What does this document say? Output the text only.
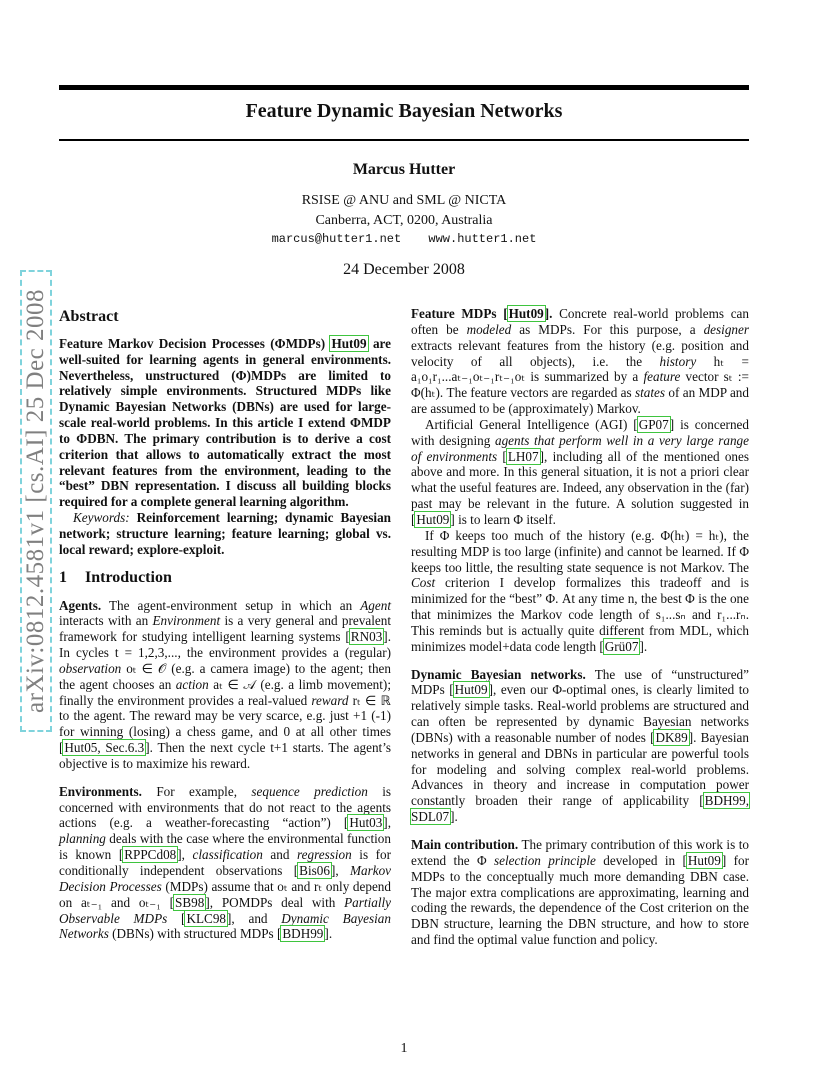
Feature Dynamic Bayesian Networks
Marcus Hutter
RSISE @ ANU and SML @ NICTA
Canberra, ACT, 0200, Australia
marcus@hutter1.net www.hutter1.net
24 December 2008
arXiv:0812.4581v1 [cs.AI] 25 Dec 2008 Abstract

Feature Markov Decision Processes (ΦMDPs) Hut09 are well-suited for learning agents in general environments. Nevertheless, unstructured (Φ)MDPs are limited to relatively simple environments. Structured MDPs like Dynamic Bayesian Networks (DBNs) are used for large-scale real-world problems. In this article I extend ΦMDP to ΦDBN. The primary contribution is to derive a cost criterion that allows to automatically extract the most relevant features from the environment, leading to the “best” DBN representation. I discuss all building blocks required for a complete general learning algorithm.

Keywords: Reinforcement learning; dynamic Bayesian network; structure learning; feature learning; global vs. local reward; explore-exploit.

1 Introduction

Agents. The agent-environment setup in which an Agent interacts with an Environment is a very general and prevalent framework for studying intelligent learning systems [RN03]. In cycles t = 1,2,3,..., the environment provides a (regular) observation oₜ ∈ 𝒪 (e.g. a camera image) to the agent; then the agent chooses an action aₜ ∈ 𝒜 (e.g. a limb movement); finally the environment provides a real-valued reward rₜ ∈ ℝ to the agent. The reward may be very scarce, e.g. just +1 (-1) for winning (losing) a chess game, and 0 at all other times [Hut05, Sec.6.3]. Then the next cycle t+1 starts. The agent’s objective is to maximize his reward.

Environments. For example, sequence prediction is concerned with environments that do not react to the agents actions (e.g. a weather-forecasting “action”) [Hut03], planning deals with the case where the environmental function is known [RPPCd08], classification and regression is for conditionally independent observations [Bis06], Markov Decision Processes (MDPs) assume that oₜ and rₜ only depend on aₜ₋₁ and oₜ₋₁ [SB98], POMDPs deal with Partially Observable MDPs [KLC98], and Dynamic Bayesian Networks (DBNs) with structured MDPs [BDH99].

Feature MDPs [Hut09]. Concrete real-world problems can often be modeled as MDPs. For this purpose, a designer extracts relevant features from the history (e.g. position and velocity of all objects), i.e. the history hₜ = a₁o₁r₁...aₜ₋₁oₜ₋₁rₜ₋₁oₜ is summarized by a feature vector sₜ := Φ(hₜ). The feature vectors are regarded as states of an MDP and are assumed to be (approximately) Markov.

Artificial General Intelligence (AGI) [GP07] is concerned with designing agents that perform well in a very large range of environments [LH07], including all of the mentioned ones above and more. In this general situation, it is not a priori clear what the useful features are. Indeed, any observation in the (far) past may be relevant in the future. A solution suggested in [Hut09] is to learn Φ itself.

If Φ keeps too much of the history (e.g. Φ(hₜ) = hₜ), the resulting MDP is too large (infinite) and cannot be learned. If Φ keeps too little, the resulting state sequence is not Markov. The Cost criterion I develop formalizes this tradeoff and is minimized for the “best” Φ. At any time n, the best Φ is the one that minimizes the Markov code length of s₁...sₙ and r₁...rₙ. This reminds but is actually quite different from MDL, which minimizes model+data code length [Grü07].

Dynamic Bayesian networks. The use of “unstructured” MDPs [Hut09], even our Φ-optimal ones, is clearly limited to relatively simple tasks. Real-world problems are structured and can often be represented by dynamic Bayesian networks (DBNs) with a reasonable number of nodes [DK89]. Bayesian networks in general and DBNs in particular are powerful tools for modeling and solving complex real-world problems. Advances in theory and increase in computation power constantly broaden their range of applicability [BDH99, SDL07].

Main contribution. The primary contribution of this work is to extend the Φ selection principle developed in [Hut09] for MDPs to the conceptually much more demanding DBN case. The major extra complications are approximating, learning and coding the rewards, the dependence of the Cost criterion on the DBN structure, learning the DBN structure, and how to store and find the optimal value function and policy.

1
